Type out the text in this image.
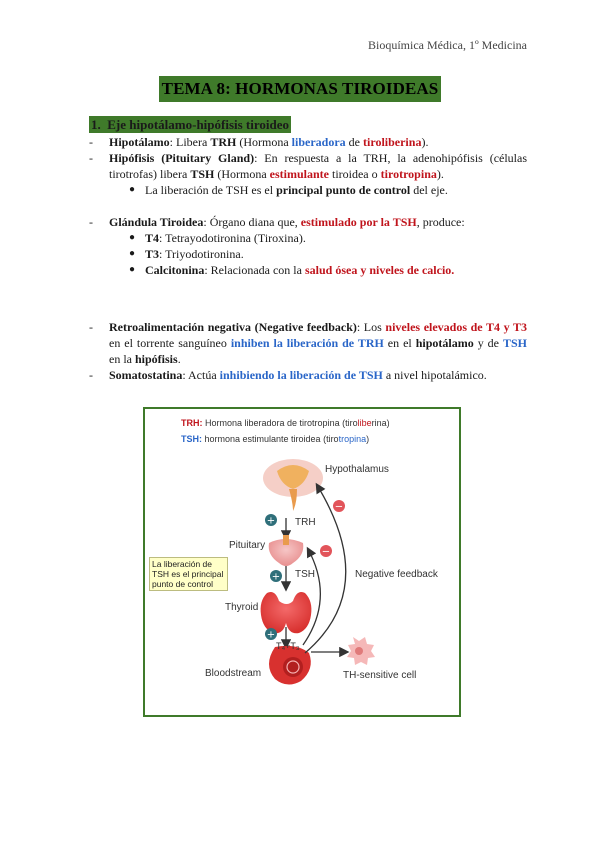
Bioquímica Médica, 1º Medicina
TEMA 8: HORMONAS TIROIDEAS
1. Eje hipotálamo-hipófisis tiroideo
- Hipotálamo: Libera TRH (Hormona liberadora de tiroliberina).
- Hipófisis (Pituitary Gland): En respuesta a la TRH, la adenohipófisis (células tirotrofas) libera TSH (Hormona estimulante tiroidea o tirotropina).
● La liberación de TSH es el principal punto de control del eje.
- Glándula Tiroidea: Órgano diana que, estimulado por la TSH, produce:
● T4: Tetrayodotironina (Tiroxina).
● T3: Triyodotironina.
● Calcitonina: Relacionada con la salud ósea y niveles de calcio.
- Retroalimentación negativa (Negative feedback): Los niveles elevados de T4 y T3 en el torrente sanguíneo inhiben la liberación de TRH en el hipotálamo y de TSH en la hipófisis.
- Somatostatina: Actúa inhibiendo la liberación de TSH a nivel hipotalámico.
+
+
+
−
−
TRH: Hormona liberadora de tirotropina (tiroliberina)
TSH: hormona estimulante tiroidea (tirotropina)
Hypothalamus
Pituitary
Thyroid
Bloodstream
TRH
TSH
T₄+T₃
Negative feedback
TH-sensitive cell
La liberación de TSH es el principal punto de control
